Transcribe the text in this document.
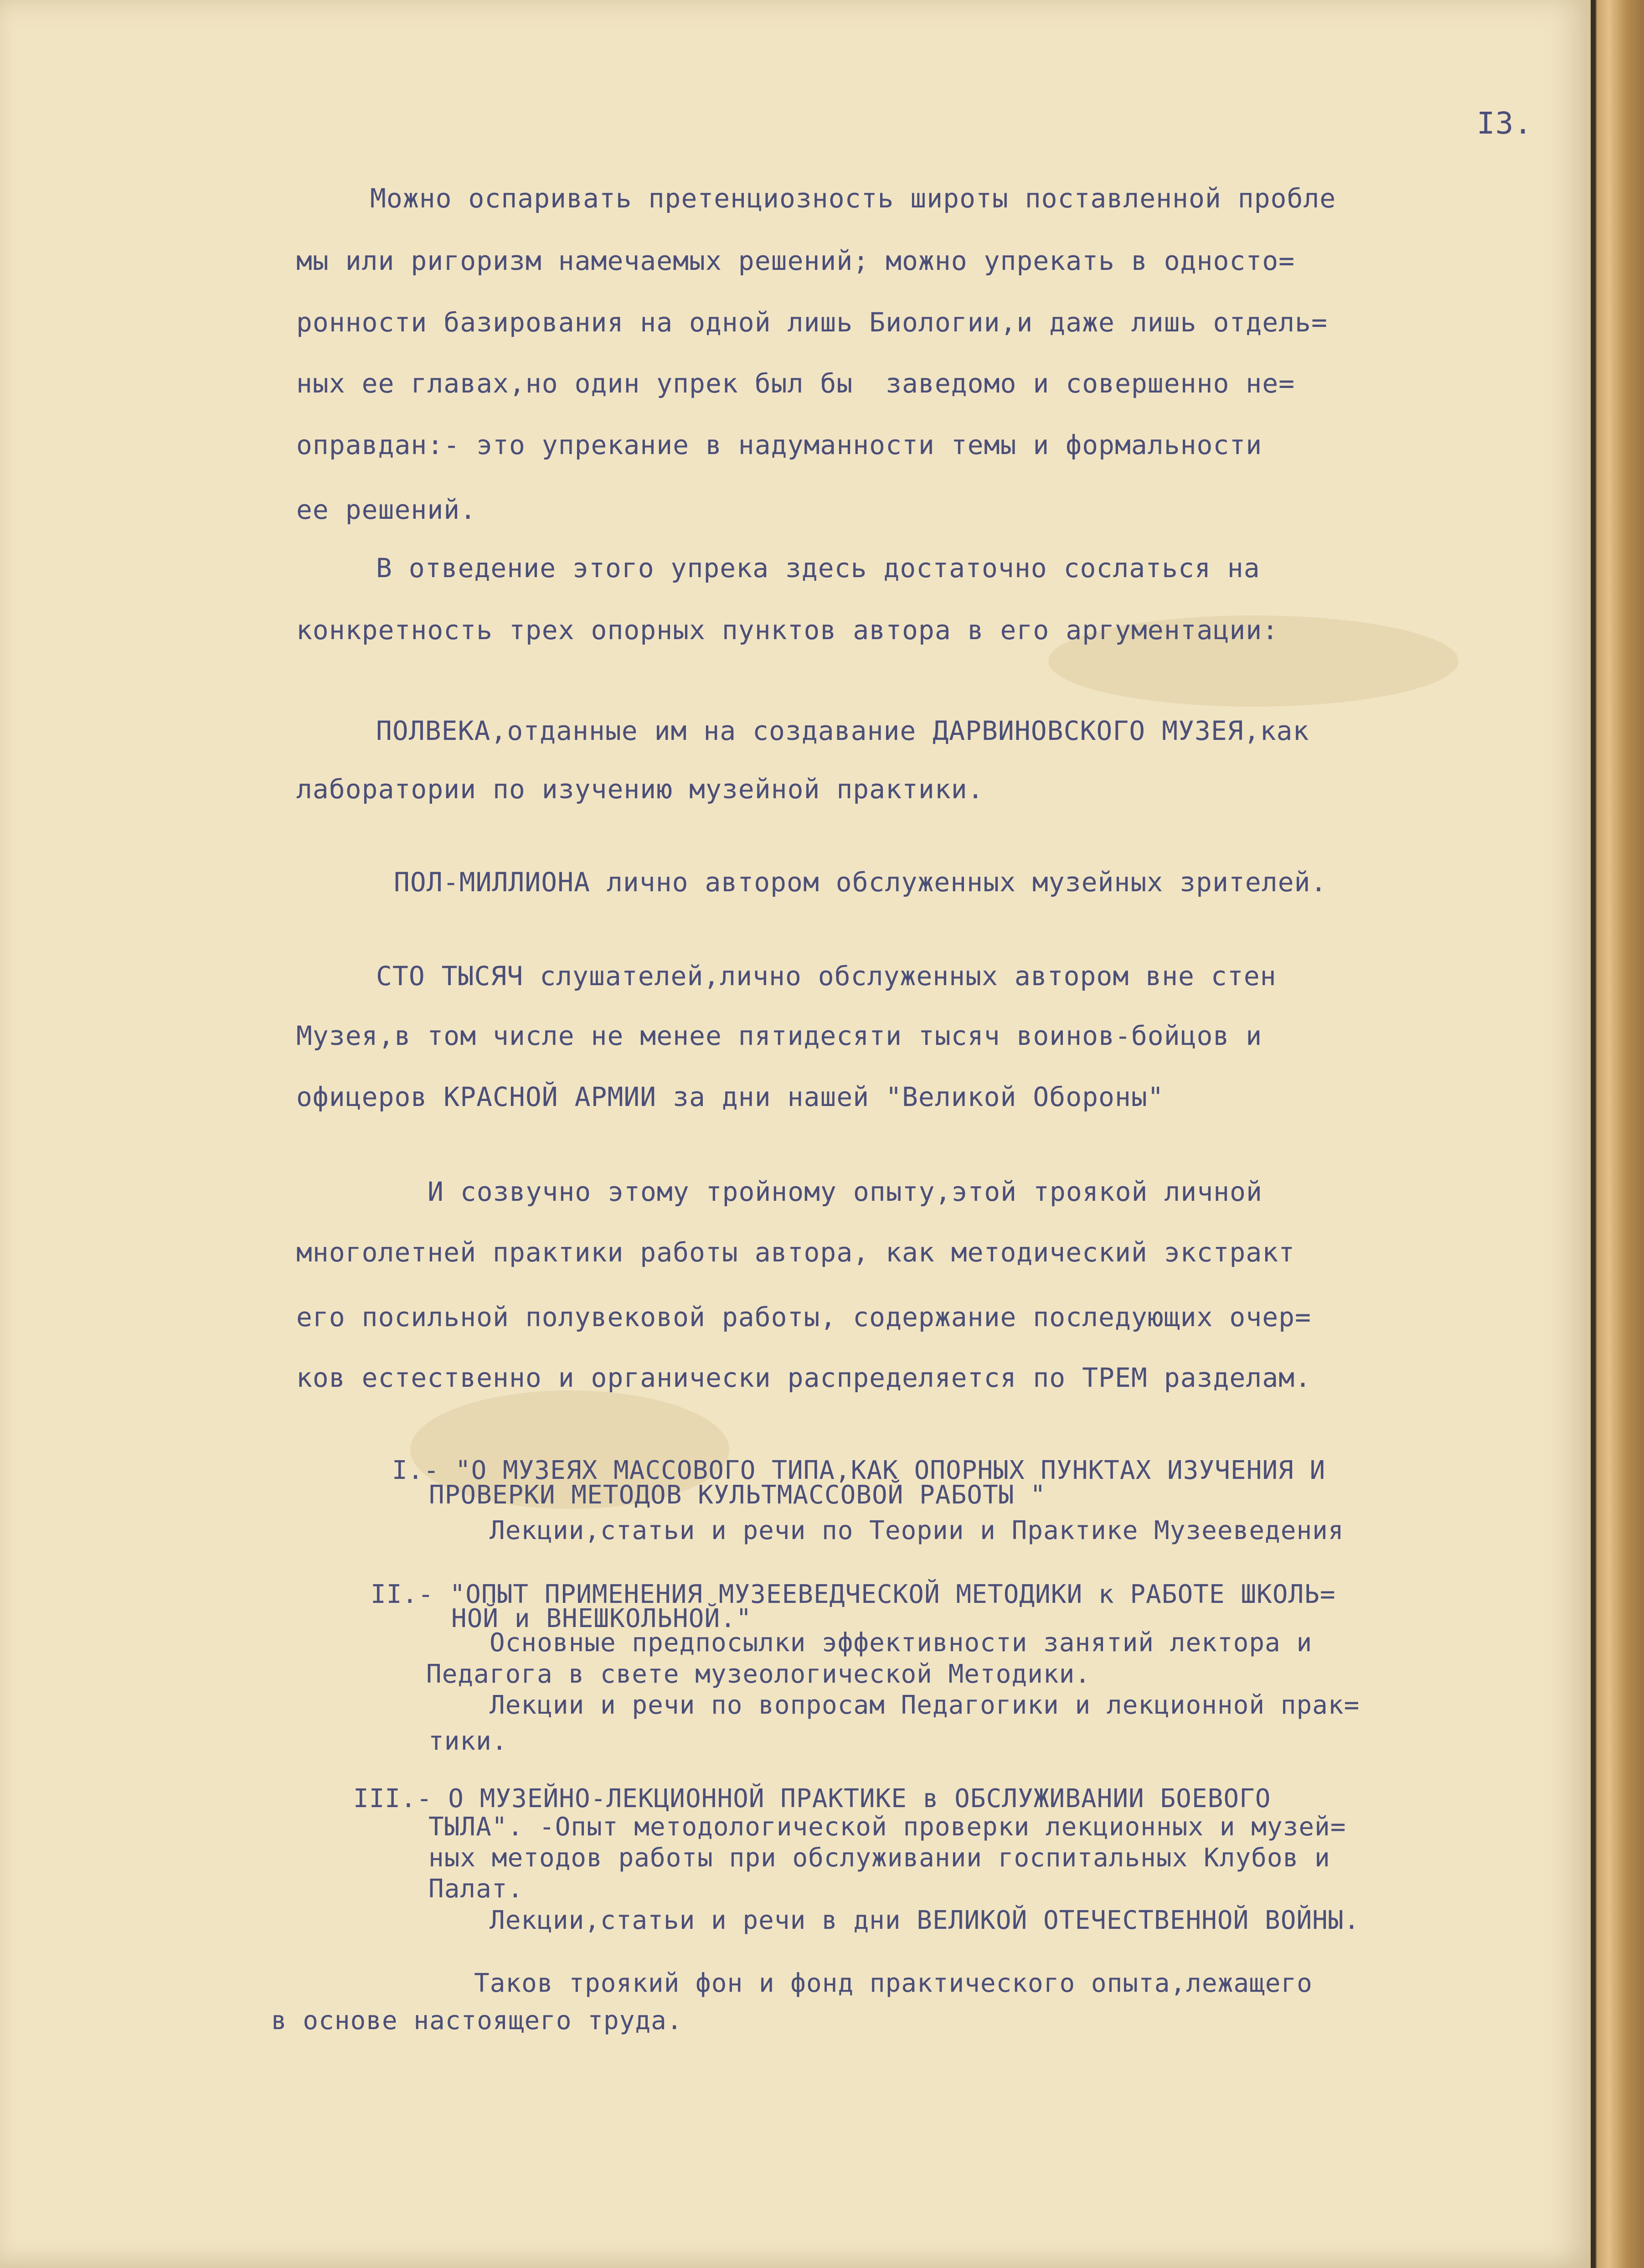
I3.
Можно оспаривать претенциозность широты поставленной пробле
мы или ригоризм намечаемых решений; можно упрекать в односто=
ронности базирования на одной лишь Биологии,и даже лишь отдель=
ных ее главах,но один упрек был бы  заведомо и совершенно не=
оправдан:- это упрекание в надуманности темы и формальности
ее решений.
В отведение этого упрека здесь достаточно сослаться на
конкретность трех опорных пунктов автора в его аргументации:
ПОЛВЕКА,отданные им на создавание ДАРВИНОВСКОГО МУЗЕЯ,как
лаборатории по изучению музейной практики.
ПОЛ-МИЛЛИОНА лично автором обслуженных музейных зрителей.
СТО ТЫСЯЧ слушателей,лично обслуженных автором вне стен
Музея,в том числе не менее пятидесяти тысяч воинов-бойцов и
офицеров КРАСНОЙ АРМИИ за дни нашей "Великой Обороны"
И созвучно этому тройному опыту,этой троякой личной
многолетней практики работы автора, как методический экстракт
его посильной полувековой работы, содержание последующих очер=
ков естественно и органически распределяется по ТРЕМ разделам.
I.- "О МУЗЕЯХ МАССОВОГО ТИПА,КАК ОПОРНЫХ ПУНКТАХ ИЗУЧЕНИЯ И
ПРОВЕРКИ МЕТОДОВ КУЛЬТМАССОВОЙ РАБОТЫ "
Лекции,статьи и речи по Теории и Практике Музееведения
II.- "ОПЫТ ПРИМЕНЕНИЯ МУЗЕЕВЕДЧЕСКОЙ МЕТОДИКИ к РАБОТЕ ШКОЛЬ=
НОЙ и ВНЕШКОЛЬНОЙ."
Основные предпосылки эффективности занятий лектора и
Педагога в свете музеологической Методики.
Лекции и речи по вопросам Педагогики и лекционной прак=
тики.
III.- О МУЗЕЙНО-ЛЕКЦИОННОЙ ПРАКТИКЕ в ОБСЛУЖИВАНИИ БОЕВОГО
ТЫЛА". -Опыт методологической проверки лекционных и музей=
ных методов работы при обслуживании госпитальных Клубов и
Палат.
Лекции,статьи и речи в дни ВЕЛИКОЙ ОТЕЧЕСТВЕННОЙ ВОЙНЫ.
Таков троякий фон и фонд практического опыта,лежащего
в основе настоящего труда.
